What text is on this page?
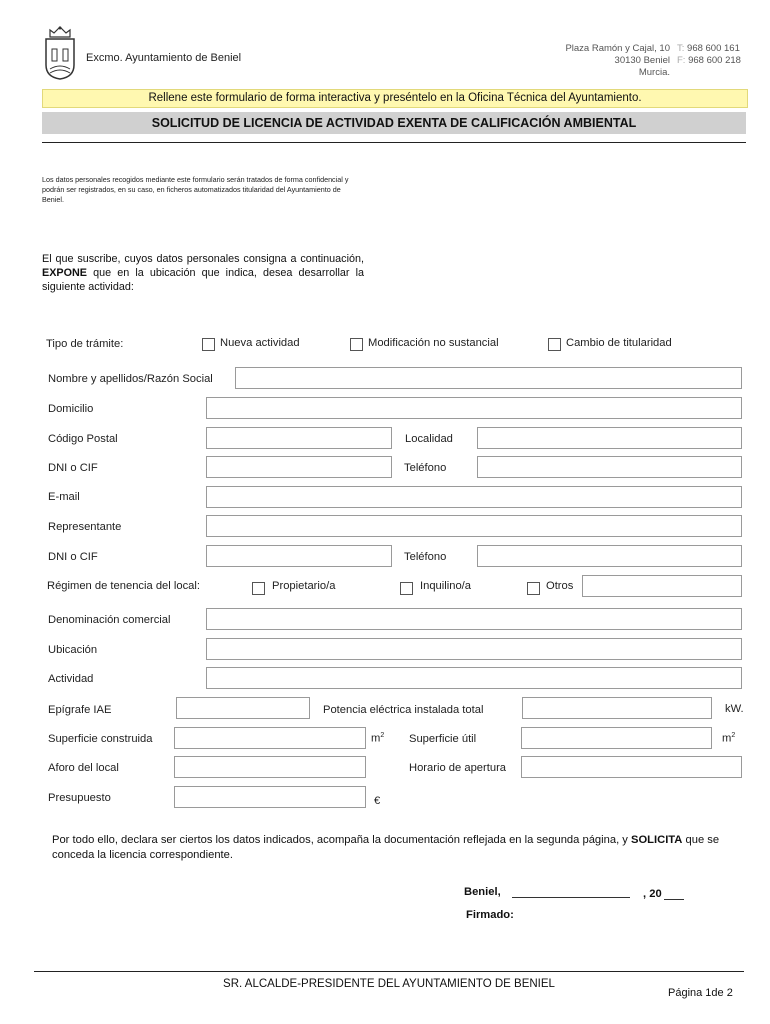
Excmo. Ayuntamiento de Beniel
Plaza Ramón y Cajal, 10
30130 Beniel
Murcia.
T: 968 600 161
F: 968 600 218
Rellene este formulario de forma interactiva y preséntelo en la Oficina Técnica del Ayuntamiento.
SOLICITUD DE LICENCIA DE ACTIVIDAD EXENTA DE CALIFICACIÓN AMBIENTAL
Los datos personales recogidos mediante este formulario serán tratados de forma confidencial y podrán ser registrados, en su caso, en ficheros automatizados titularidad del Ayuntamiento de Beniel.
El que suscribe, cuyos datos personales consigna a continuación, EXPONE que en la ubicación que indica, desea desarrollar la siguiente actividad:
Tipo de trámite:	Nueva actividad	Modificación no sustancial	Cambio de titularidad
Nombre y apellidos/Razón Social
Domicilio
Código Postal	Localidad
DNI o CIF	Teléfono
E-mail
Representante
DNI o CIF	Teléfono
Régimen de tenencia del local:	Propietario/a	Inquilino/a	Otros
Denominación comercial
Ubicación
Actividad
Epígrafe IAE	Potencia eléctrica instalada total	kW.
Superficie construida	$m^2$ Superficie útil	$m^2$
Aforo del local	Horario de apertura
Presupuesto	€
Por todo ello, declara ser ciertos los datos indicados, acompaña la documentación reflejada en la segunda página, y SOLICITA que se conceda la licencia correspondiente.
Beniel,	, 20
Firmado:
SR. ALCALDE-PRESIDENTE DEL AYUNTAMIENTO DE BENIEL
Página 1de 2
